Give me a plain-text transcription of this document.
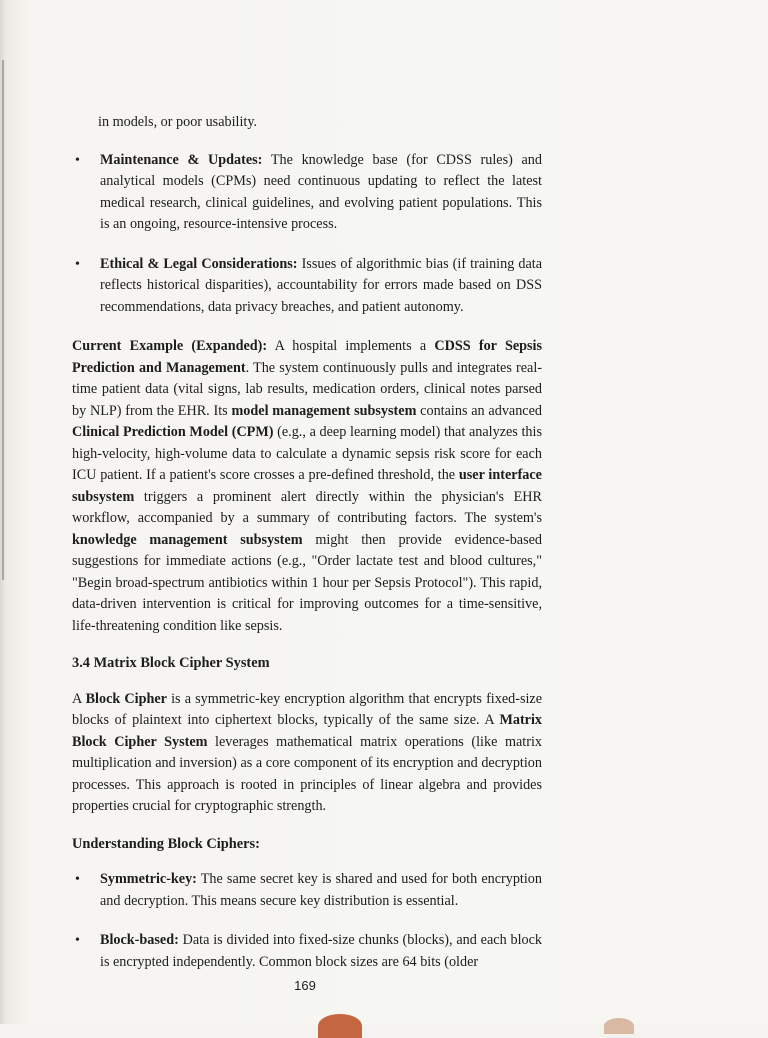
in models, or poor usability.

• Maintenance & Updates: The knowledge base (for CDSS rules) and analytical models (CPMs) need continuous updating to reflect the latest medical research, clinical guidelines, and evolving patient populations. This is an ongoing, resource-intensive process.
• Ethical & Legal Considerations: Issues of algorithmic bias (if training data reflects historical disparities), accountability for errors made based on DSS recommendations, data privacy breaches, and patient autonomy.

Current Example (Expanded): A hospital implements a CDSS for Sepsis Prediction and Management. The system continuously pulls and integrates real-time patient data (vital signs, lab results, medication orders, clinical notes parsed by NLP) from the EHR. Its model management subsystem contains an advanced Clinical Prediction Model (CPM) (e.g., a deep learning model) that analyzes this high-velocity, high-volume data to calculate a dynamic sepsis risk score for each ICU patient. If a patient's score crosses a pre-defined threshold, the user interface subsystem triggers a prominent alert directly within the physician's EHR workflow, accompanied by a summary of contributing factors. The system's knowledge management subsystem might then provide evidence-based suggestions for immediate actions (e.g., "Order lactate test and blood cultures," "Begin broad-spectrum antibiotics within 1 hour per Sepsis Protocol"). This rapid, data-driven intervention is critical for improving outcomes for a time-sensitive, life-threatening condition like sepsis.

3.4 Matrix Block Cipher System

A Block Cipher is a symmetric-key encryption algorithm that encrypts fixed-size blocks of plaintext into ciphertext blocks, typically of the same size. A Matrix Block Cipher System leverages mathematical matrix operations (like matrix multiplication and inversion) as a core component of its encryption and decryption processes. This approach is rooted in principles of linear algebra and provides properties crucial for cryptographic strength.

Understanding Block Ciphers:
• Symmetric-key: The same secret key is shared and used for both encryption and decryption. This means secure key distribution is essential.
• Block-based: Data is divided into fixed-size chunks (blocks), and each block is encrypted independently. Common block sizes are 64 bits (older
169
